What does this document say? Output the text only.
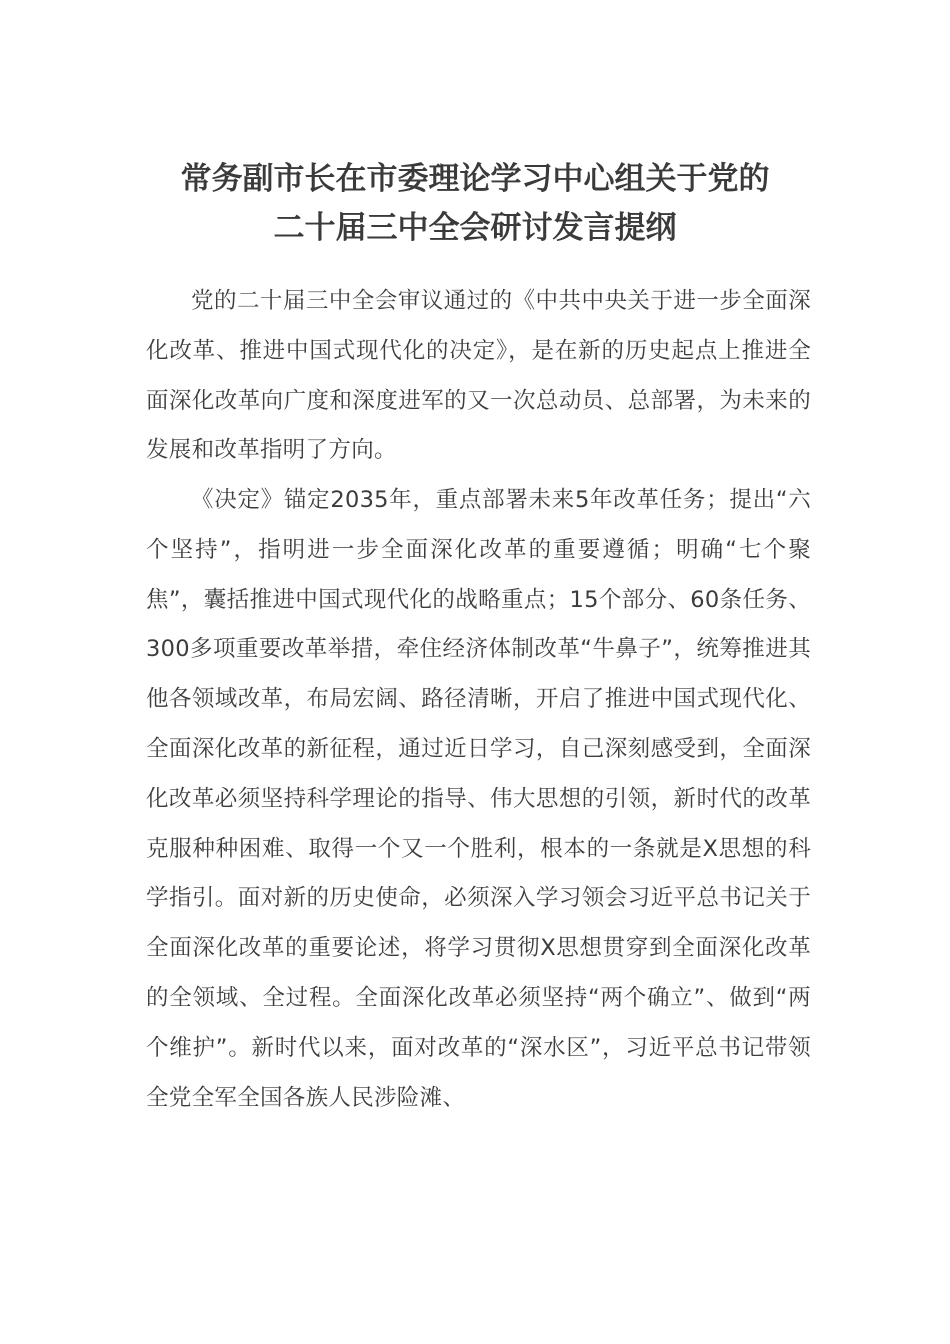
常务副市长在市委理论学习中心组关于党的
二十届三中全会研讨发言提纲

党的二十届三中全会审议通过的《中共中央关于进一步全面深化改革、推进中国式现代化的决定》，是在新的历史起点上推进全面深化改革向广度和深度进军的又一次总动员、总部署，为未来的发展和改革指明了方向。

《决定》锚定2035年，重点部署未来5年改革任务；提出“六个坚持”，指明进一步全面深化改革的重要遵循；明确“七个聚焦”，囊括推进中国式现代化的战略重点；15个部分、60条任务、300多项重要改革举措，牵住经济体制改革“牛鼻子”，统筹推进其他各领域改革，布局宏阔、路径清晰，开启了推进中国式现代化、全面深化改革的新征程，通过近日学习，自己深刻感受到，全面深化改革必须坚持科学理论的指导、伟大思想的引领，新时代的改革克服种种困难、取得一个又一个胜利，根本的一条就是X思想的科学指引。面对新的历史使命，必须深入学习领会习近平总书记关于全面深化改革的重要论述，将学习贯彻X思想贯穿到全面深化改革的全领域、全过程。全面深化改革必须坚持“两个确立”、做到“两个维护”。新时代以来，面对改革的“深水区”，习近平总书记带领全党全军全国各族人民涉险滩、
